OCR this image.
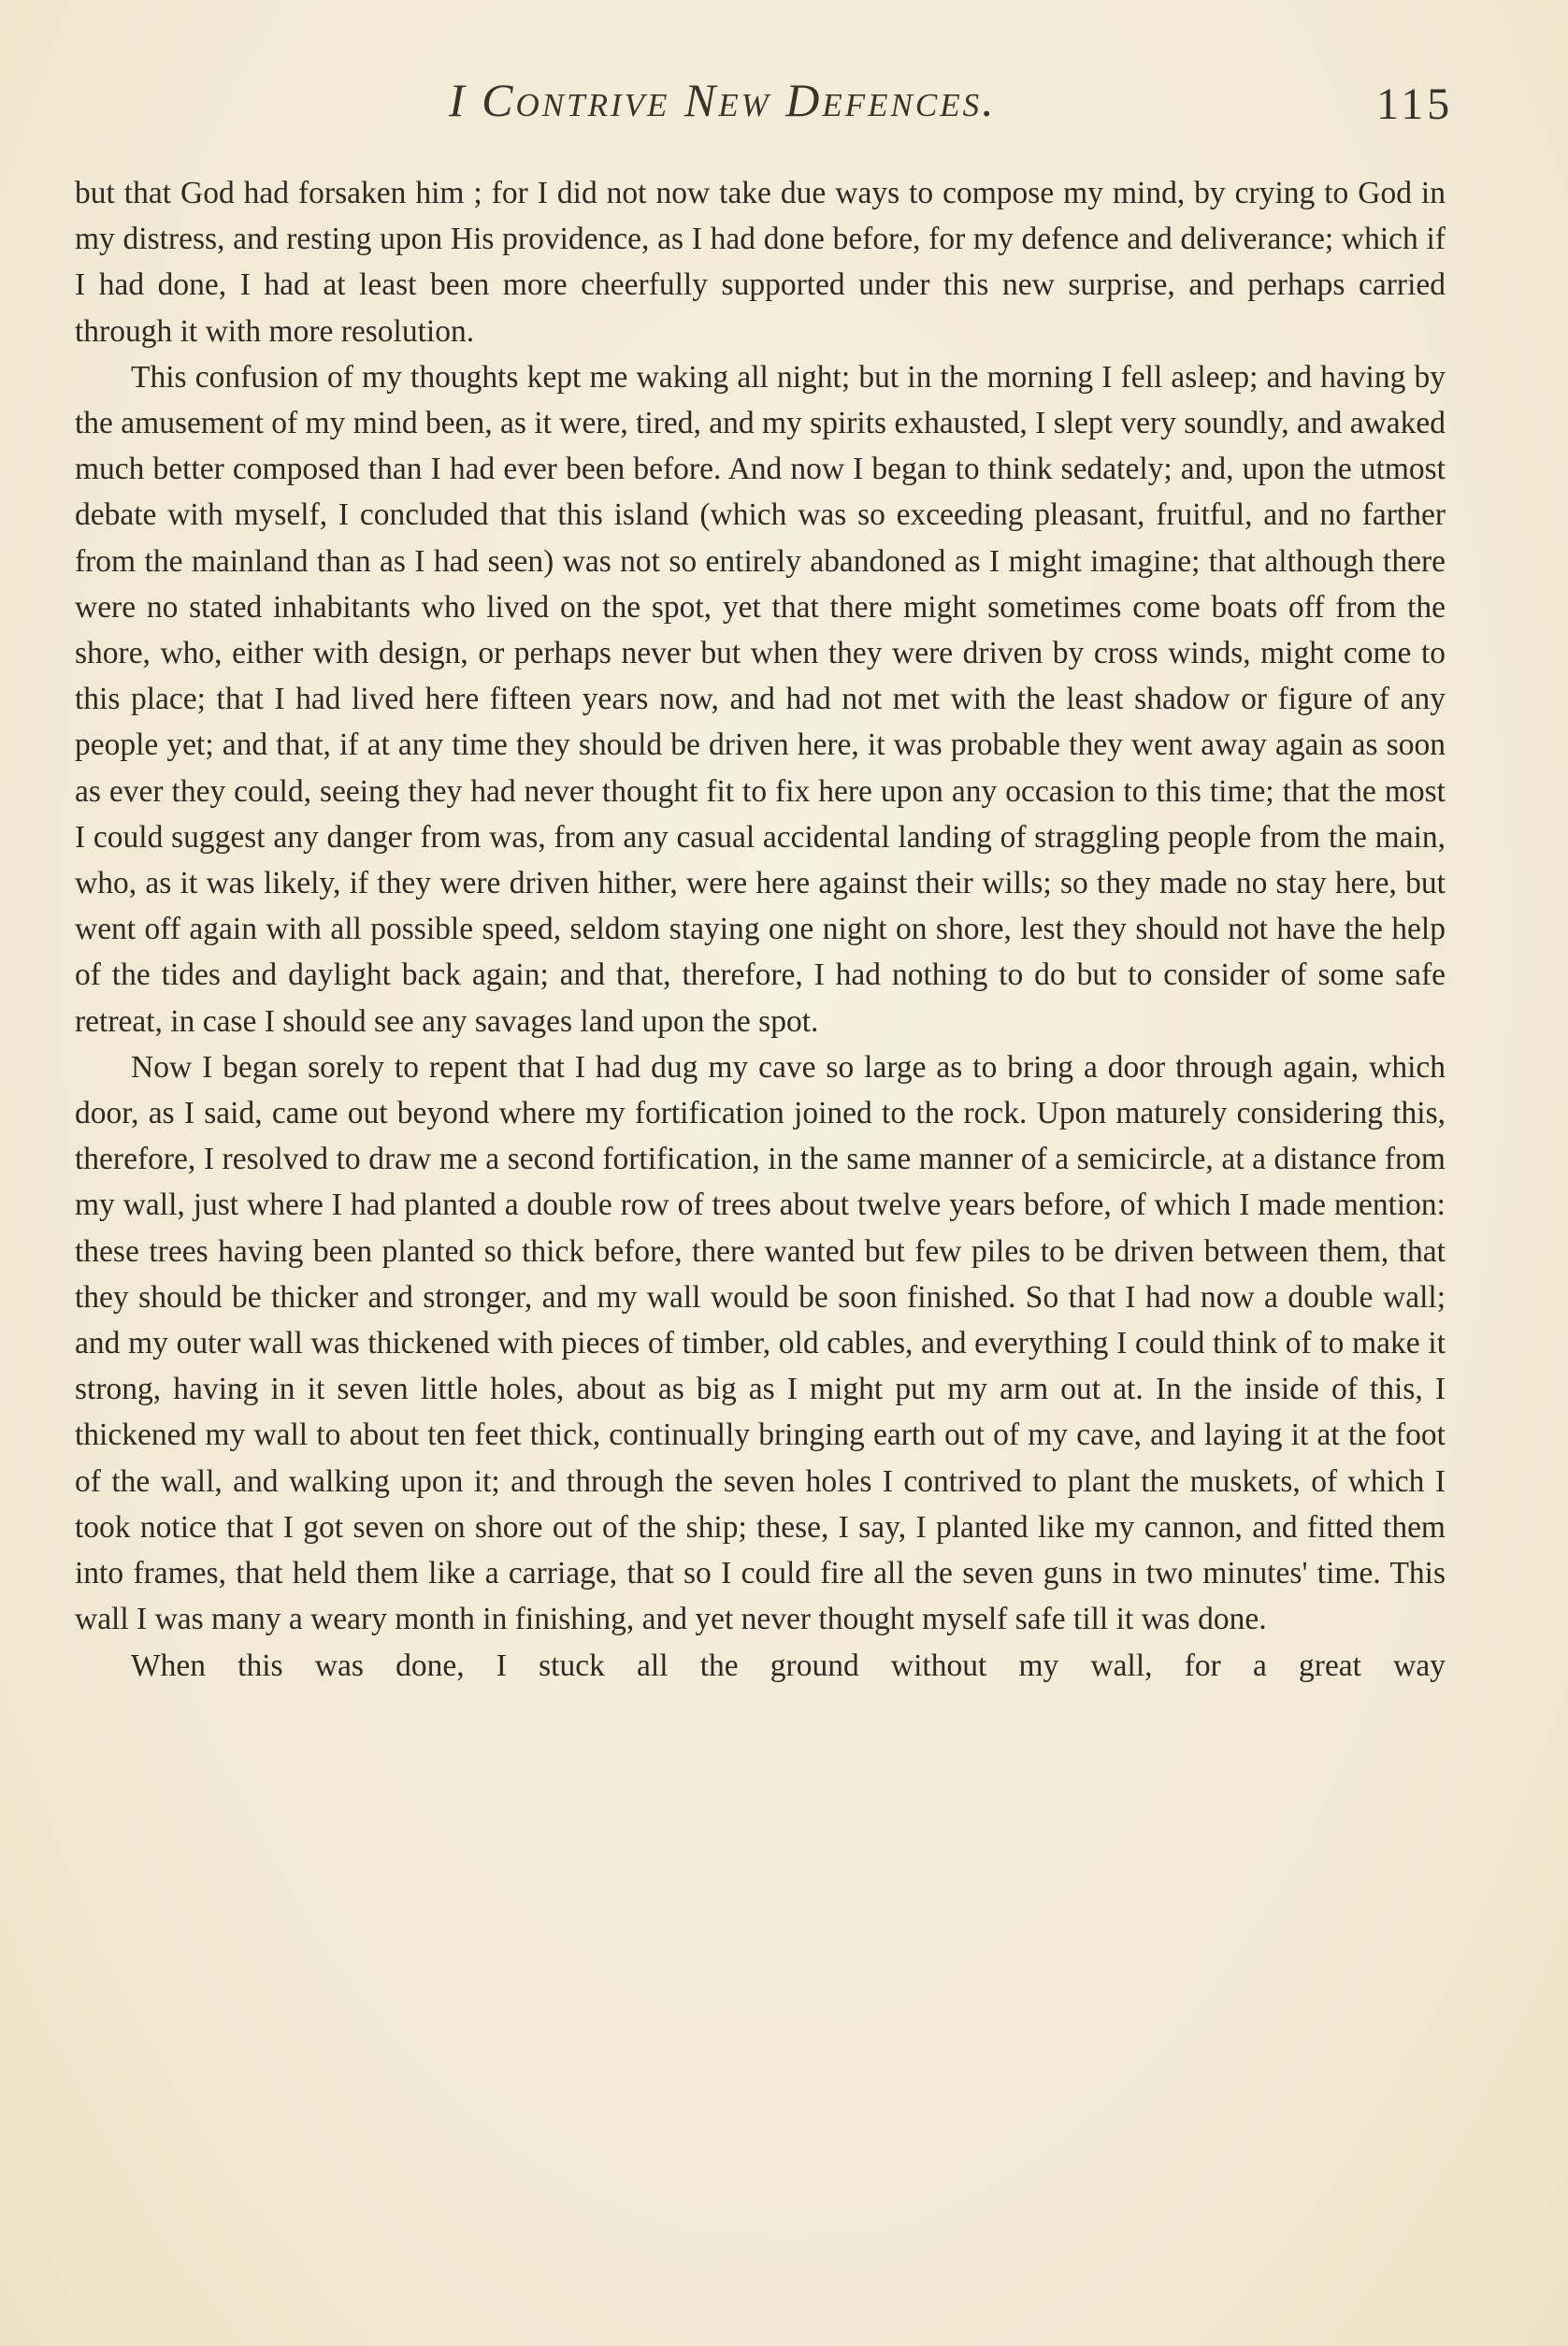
I Contrive New Defences.	115

but that God had forsaken him ; for I did not now take due ways to compose my mind, by crying to God in my distress, and resting upon His providence, as I had done before, for my defence and deliverance; which if I had done, I had at least been more cheerfully supported under this new surprise, and perhaps carried through it with more resolution.

This confusion of my thoughts kept me waking all night; but in the morning I fell asleep; and having by the amusement of my mind been, as it were, tired, and my spirits exhausted, I slept very soundly, and awaked much better composed than I had ever been before. And now I began to think sedately; and, upon the utmost debate with myself, I concluded that this island (which was so exceeding pleasant, fruitful, and no farther from the mainland than as I had seen) was not so entirely abandoned as I might imagine; that although there were no stated inhabitants who lived on the spot, yet that there might sometimes come boats off from the shore, who, either with design, or perhaps never but when they were driven by cross winds, might come to this place; that I had lived here fifteen years now, and had not met with the least shadow or figure of any people yet; and that, if at any time they should be driven here, it was probable they went away again as soon as ever they could, seeing they had never thought fit to fix here upon any occasion to this time; that the most I could suggest any danger from was, from any casual accidental landing of straggling people from the main, who, as it was likely, if they were driven hither, were here against their wills; so they made no stay here, but went off again with all possible speed, seldom staying one night on shore, lest they should not have the help of the tides and daylight back again; and that, therefore, I had nothing to do but to consider of some safe retreat, in case I should see any savages land upon the spot.

Now I began sorely to repent that I had dug my cave so large as to bring a door through again, which door, as I said, came out beyond where my fortification joined to the rock. Upon maturely considering this, therefore, I resolved to draw me a second fortification, in the same manner of a semicircle, at a distance from my wall, just where I had planted a double row of trees about twelve years before, of which I made mention: these trees having been planted so thick before, there wanted but few piles to be driven between them, that they should be thicker and stronger, and my wall would be soon finished. So that I had now a double wall; and my outer wall was thickened with pieces of timber, old cables, and everything I could think of to make it strong, having in it seven little holes, about as big as I might put my arm out at. In the inside of this, I thickened my wall to about ten feet thick, continually bringing earth out of my cave, and laying it at the foot of the wall, and walking upon it; and through the seven holes I contrived to plant the muskets, of which I took notice that I got seven on shore out of the ship; these, I say, I planted like my cannon, and fitted them into frames, that held them like a carriage, that so I could fire all the seven guns in two minutes' time. This wall I was many a weary month in finishing, and yet never thought myself safe till it was done.

When this was done, I stuck all the ground without my wall, for a great way
